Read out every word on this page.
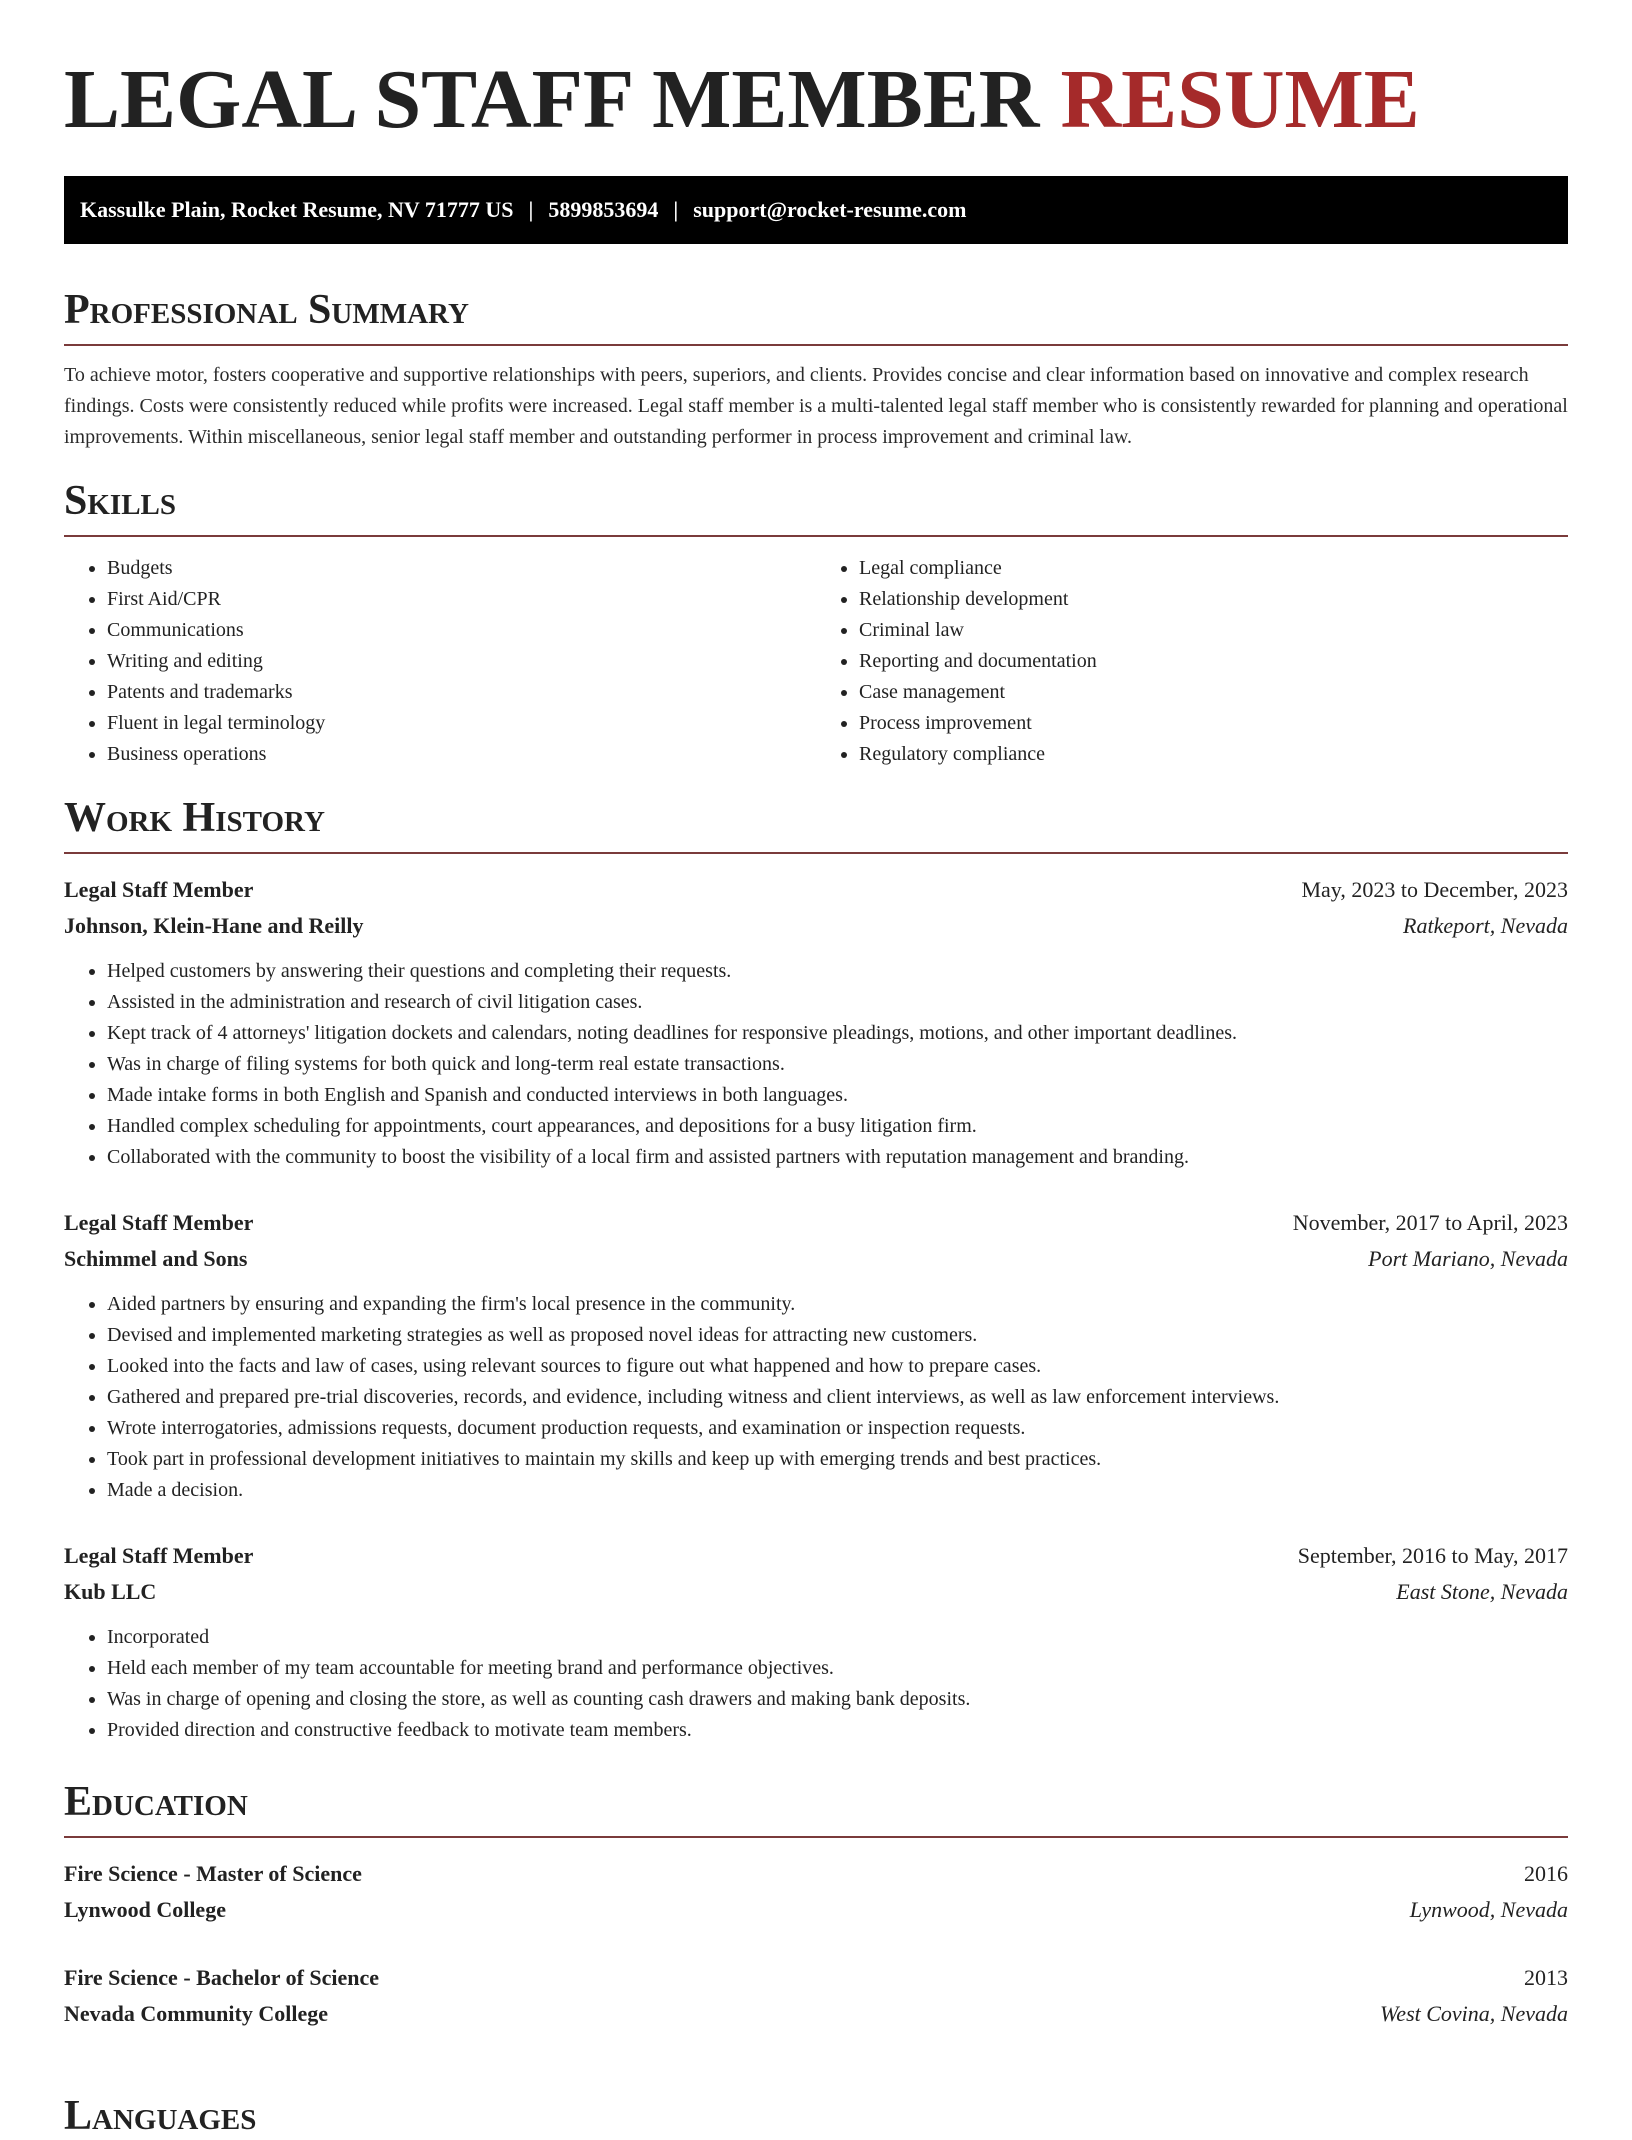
LEGAL STAFF MEMBER RESUME
Kassulke Plain, Rocket Resume, NV 71777 US | 5899853694 | support@rocket-resume.com
Professional Summary

To achieve motor, fosters cooperative and supportive relationships with peers, superiors, and clients. Provides concise and clear information based on innovative and complex research findings. Costs were consistently reduced while profits were increased. Legal staff member is a multi-talented legal staff member who is consistently rewarded for planning and operational improvements. Within miscellaneous, senior legal staff member and outstanding performer in process improvement and criminal law.

Skills
• Budgets
• First Aid/CPR
• Communications
• Writing and editing
• Patents and trademarks
• Fluent in legal terminology
• Business operations
• Legal compliance
• Relationship development
• Criminal law
• Reporting and documentation
• Case management
• Process improvement
• Regulatory compliance
Work History
Legal Staff Member	May, 2023 to December, 2023
Johnson, Klein-Hane and Reilly	Ratkeport, Nevada
• Helped customers by answering their questions and completing their requests.
• Assisted in the administration and research of civil litigation cases.
• Kept track of 4 attorneys' litigation dockets and calendars, noting deadlines for responsive pleadings, motions, and other important deadlines.
• Was in charge of filing systems for both quick and long-term real estate transactions.
• Made intake forms in both English and Spanish and conducted interviews in both languages.
• Handled complex scheduling for appointments, court appearances, and depositions for a busy litigation firm.
• Collaborated with the community to boost the visibility of a local firm and assisted partners with reputation management and branding.
Legal Staff Member	November, 2017 to April, 2023
Schimmel and Sons	Port Mariano, Nevada
• Aided partners by ensuring and expanding the firm's local presence in the community.
• Devised and implemented marketing strategies as well as proposed novel ideas for attracting new customers.
• Looked into the facts and law of cases, using relevant sources to figure out what happened and how to prepare cases.
• Gathered and prepared pre-trial discoveries, records, and evidence, including witness and client interviews, as well as law enforcement interviews.
• Wrote interrogatories, admissions requests, document production requests, and examination or inspection requests.
• Took part in professional development initiatives to maintain my skills and keep up with emerging trends and best practices.
• Made a decision.
Legal Staff Member	September, 2016 to May, 2017
Kub LLC	East Stone, Nevada
• Incorporated
• Held each member of my team accountable for meeting brand and performance objectives.
• Was in charge of opening and closing the store, as well as counting cash drawers and making bank deposits.
• Provided direction and constructive feedback to motivate team members.
Education
Fire Science - Master of Science	2016
Lynwood College	Lynwood, Nevada
Fire Science - Bachelor of Science	2013
Nevada Community College	West Covina, Nevada
Languages
